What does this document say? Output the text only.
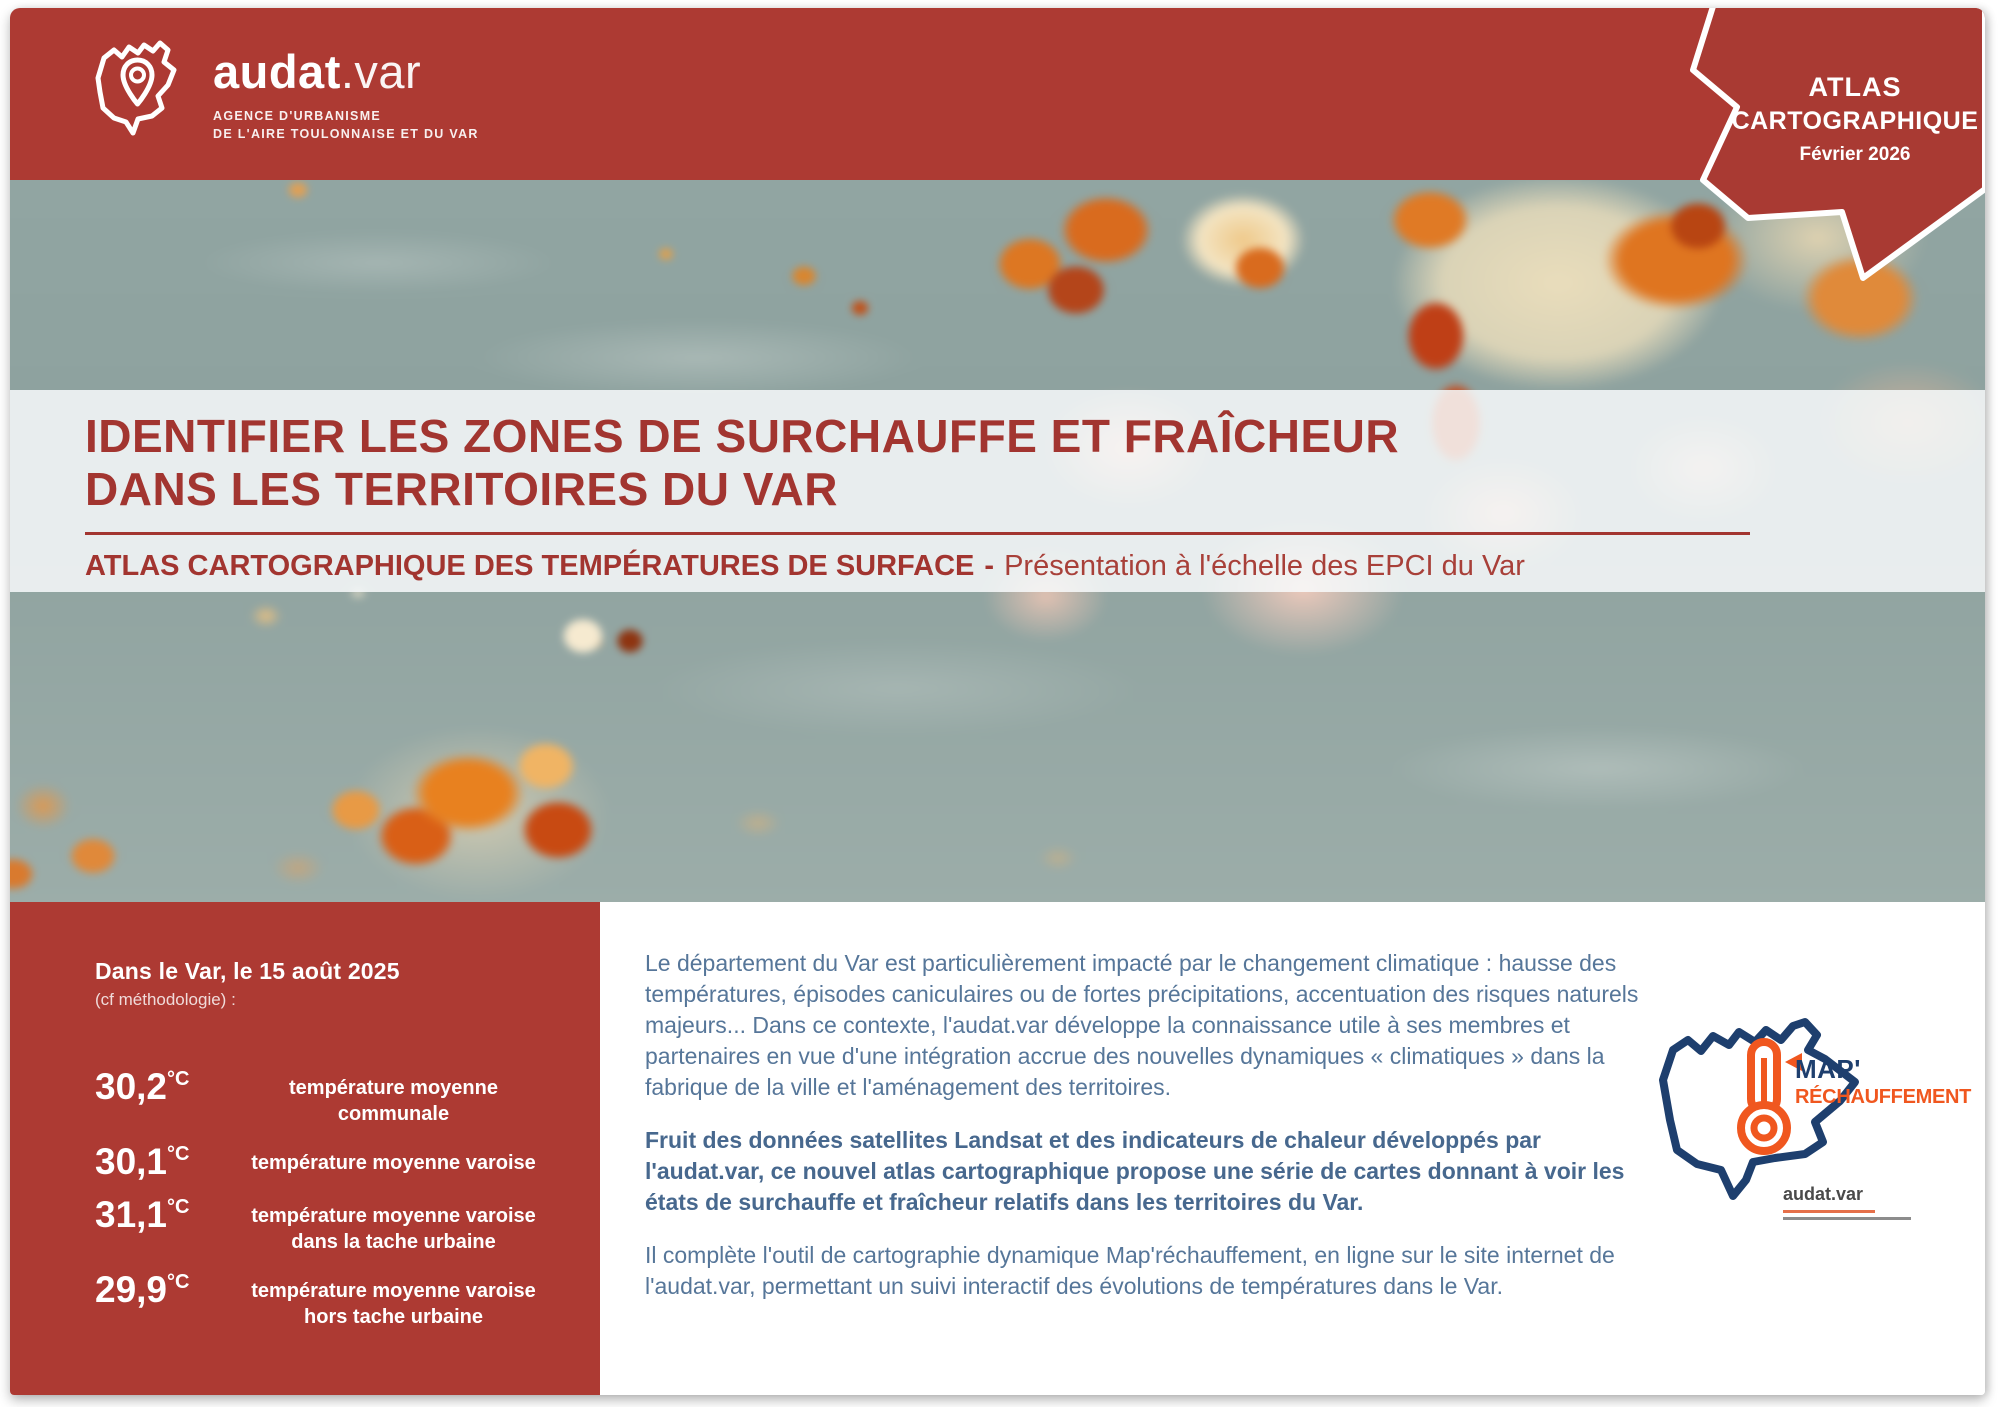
audat.var
AGENCE D'URBANISME
DE L'AIRE TOULONNAISE ET DU VAR
IDENTIFIER LES ZONES DE SURCHAUFFE ET FRAÎCHEUR
DANS LES TERRITOIRES DU VAR
ATLAS CARTOGRAPHIQUE DES TEMPÉRATURES DE SURFACE - Présentation à l'échelle des EPCI du Var
ATLAS
CARTOGRAPHIQUE
Février 2026
Dans le Var, le 15 août 2025
(cf méthodologie) :
30,2°C	température moyenne
communale
30,1°C	température moyenne varoise
31,1°C	température moyenne varoise
dans la tache urbaine
29,9°C	température moyenne varoise
hors tache urbaine

Le département du Var est particulièrement impacté par le changement climatique : hausse des températures, épisodes caniculaires ou de fortes précipitations, accentuation des risques naturels majeurs... Dans ce contexte, l'audat.var développe la connaissance utile à ses membres et partenaires en vue d'une intégration accrue des nouvelles dynamiques « climatiques » dans la fabrique de la ville et l'aménagement des territoires.

Fruit des données satellites Landsat et des indicateurs de chaleur développés par l'audat.var, ce nouvel atlas cartographique propose une série de cartes donnant à voir les états de surchauffe et fraîcheur relatifs dans les territoires du Var.

Il complète l'outil de cartographie dynamique Map'réchauffement, en ligne sur le site internet de l'audat.var, permettant un suivi interactif des évolutions de températures dans le Var.

MAP'
RÉCHAUFFEMENT
audat.var
